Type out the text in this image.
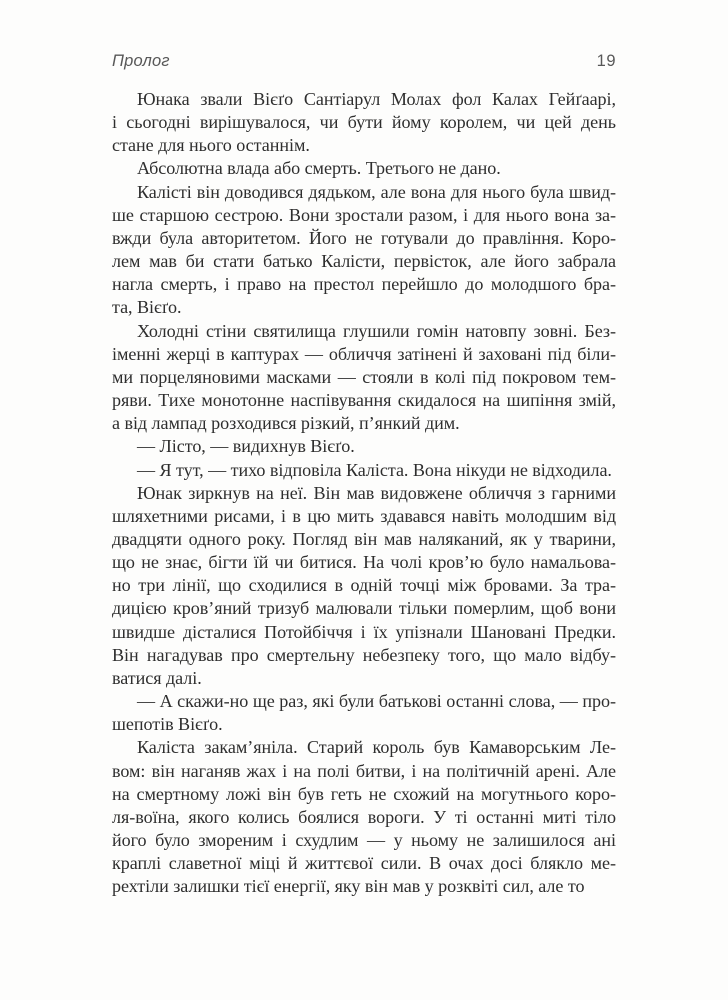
Пролог	19
Юнака звали Вієґо Сантіарул Молах фол Калах Гейґаарі,
і сьогодні вирішувалося, чи бути йому королем, чи цей день
стане для нього останнім.
Абсолютна влада або смерть. Третього не дано.
Калісті він доводився дядьком, але вона для нього була швид-
ше старшою сестрою. Вони зростали разом, і для нього вона за-
вжди була авторитетом. Його не готували до правління. Коро-
лем мав би стати батько Калісти, первісток, але його забрала
нагла смерть, і право на престол перейшло до молодшого бра-
та, Вієґо.
Холодні стіни святилища глушили гомін натовпу зовні. Без-
іменні жерці в каптурах — обличчя затінені й заховані під біли-
ми порцеляновими масками — стояли в колі під покровом тем-
ряви. Тихе монотонне наспівування скидалося на шипіння змій,
а від лампад розходився різкий, п’янкий дим.
— Лісто, — видихнув Вієґо.
— Я тут, — тихо відповіла Каліста. Вона нікуди не відходила.
Юнак зиркнув на неї. Він мав видовжене обличчя з гарними
шляхетними рисами, і в цю мить здавався навіть молодшим від
двадцяти одного року. Погляд він мав наляканий, як у тварини,
що не знає, бігти їй чи битися. На чолі кров’ю було намальова-
но три лінії, що сходилися в одній точці між бровами. За тра-
дицією кров’яний тризуб малювали тільки померлим, щоб вони
швидше дісталися Потойбіччя і їх упізнали Шановані Предки.
Він нагадував про смертельну небезпеку того, що мало відбу-
ватися далі.
— А скажи-но ще раз, які були батькові останні слова, — про-
шепотів Вієґо.
Каліста закам’яніла. Старий король був Камаворським Ле-
вом: він наганяв жах і на полі битви, і на політичній арені. Але
на смертному ложі він був геть не схожий на могутнього коро-
ля-воїна, якого колись боялися вороги. У ті останні миті тіло
його було змореним і схудлим — у ньому не залишилося ані
краплі славетної міці й життєвої сили. В очах досі блякло ме-
рехтіли залишки тієї енергії, яку він мав у розквіті сил, але то
